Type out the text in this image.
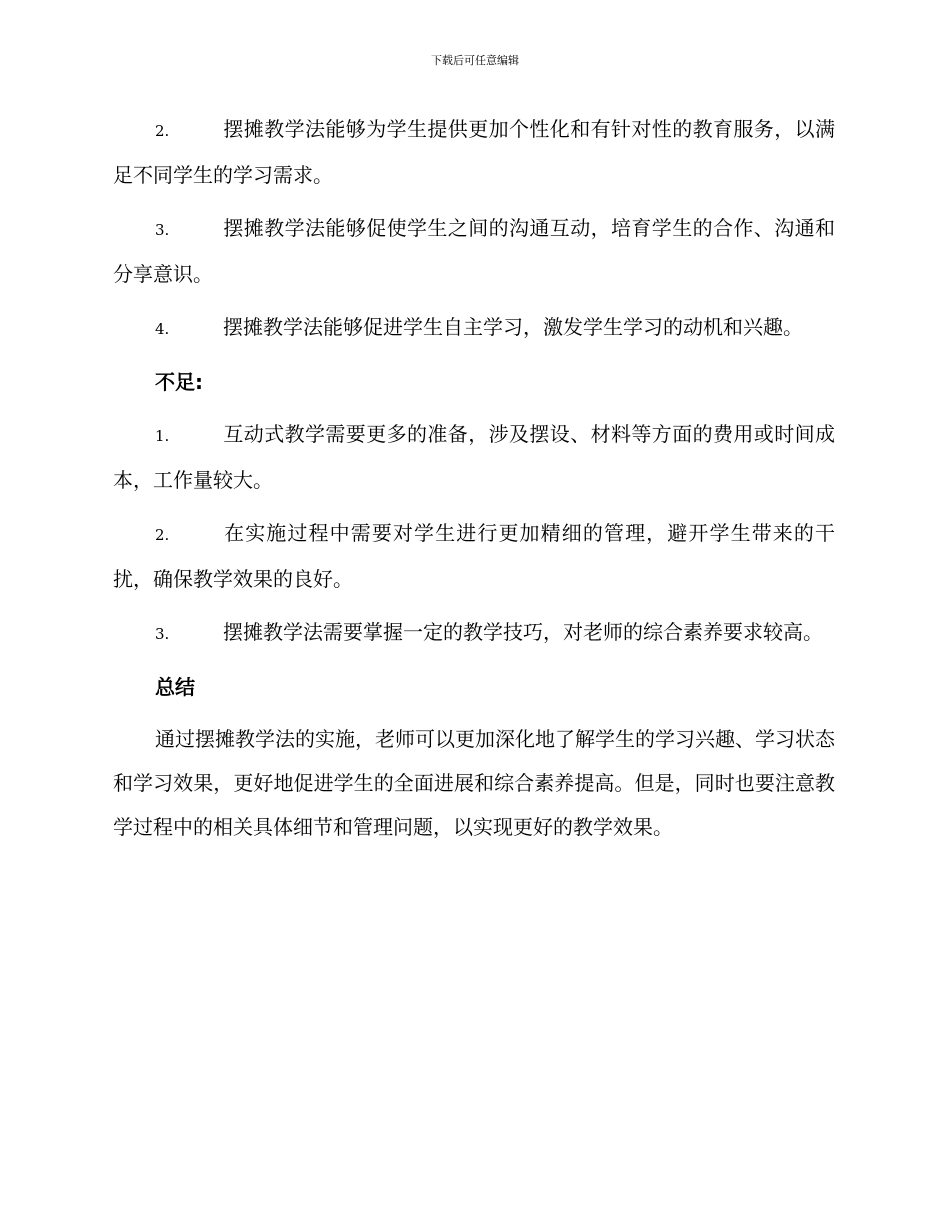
下载后可任意编辑

2.	摆摊教学法能够为学生提供更加个性化和有针对性的教育服务，以满足不同学生的学习需求。

3.	摆摊教学法能够促使学生之间的沟通互动，培育学生的合作、沟通和分享意识。

4.	摆摊教学法能够促进学生自主学习，激发学生学习的动机和兴趣。

不足:

1.	互动式教学需要更多的准备，涉及摆设、材料等方面的费用或时间成本，工作量较大。

2.	在实施过程中需要对学生进行更加精细的管理，避开学生带来的干扰，确保教学效果的良好。

3.	摆摊教学法需要掌握一定的教学技巧，对老师的综合素养要求较高。

总结

通过摆摊教学法的实施，老师可以更加深化地了解学生的学习兴趣、学习状态和学习效果，更好地促进学生的全面进展和综合素养提高。但是，同时也要注意教学过程中的相关具体细节和管理问题，以实现更好的教学效果。
